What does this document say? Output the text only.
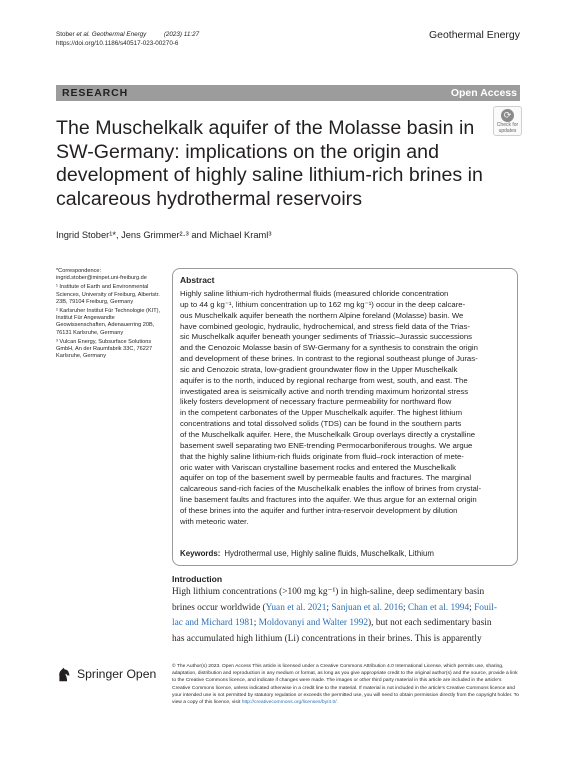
Stober et al. Geothermal Energy	(2023) 11:27
https://doi.org/10.1186/s40517-023-00270-6
Geothermal Energy
RESEARCH	Open Access
⟳
Check for
updates
The Muschelkalk aquifer of the Molasse basin in SW-Germany: implications on the origin and development of highly saline lithium-rich brines in calcareous hydrothermal reservoirs
Ingrid Stober¹*, Jens Grimmer²·³ and Michael Kraml³

*Correspondence: ingrid.stober@minpet.uni-freiburg.de

¹ Institute of Earth and Environmental Sciences, University of Freiburg, Albertstr. 23B, 79104 Freiburg, Germany

² Karlsruher Institut Für Technologie (KIT), Institut Für Angewandte Geowissenschaften, Adenauerring 20B, 76131 Karlsruhe, Germany

³ Vulcan Energy, Subsurface Solutions GmbH, An der Raumfabrik 33C, 76227 Karlsruhe, Germany

Abstract
Highly saline lithium-rich hydrothermal fluids (measured chloride concentration
up to 44 g kg⁻¹, lithium concentration up to 162 mg kg⁻¹) occur in the deep calcare-
ous Muschelkalk aquifer beneath the northern Alpine foreland (Molasse) basin. We
have combined geologic, hydraulic, hydrochemical, and stress field data of the Trias-
sic Muschelkalk aquifer beneath younger sediments of Triassic–Jurassic successions
and the Cenozoic Molasse basin of SW-Germany for a synthesis to constrain the origin
and development of these brines. In contrast to the regional southeast plunge of Juras-
sic and Cenozoic strata, low-gradient groundwater flow in the Upper Muschelkalk
aquifer is to the north, induced by regional recharge from west, south, and east. The
investigated area is seismically active and north trending maximum horizontal stress
likely fosters development of necessary fracture permeability for northward flow
in the competent carbonates of the Upper Muschelkalk aquifer. The highest lithium
concentrations and total dissolved solids (TDS) can be found in the southern parts
of the Muschelkalk aquifer. Here, the Muschelkalk Group overlays directly a crystalline
basement swell separating two ENE-trending Permocarboniferous troughs. We argue
that the highly saline lithium-rich fluids originate from fluid–rock interaction of mete-
oric water with Variscan crystalline basement rocks and entered the Muschelkalk
aquifer on top of the basement swell by permeable faults and fractures. The marginal
calcareous sand-rich facies of the Muschelkalk enables the inflow of brines from crystal-
line basement faults and fractures into the aquifer. We thus argue for an external origin
of these brines into the aquifer and further intra-reservoir development by dilution
with meteoric water.
Keywords: Hydrothermal use, Highly saline fluids, Muschelkalk, Lithium
Introduction
High lithium concentrations (>100 mg kg⁻¹) in high-saline, deep sedimentary basin
brines occur worldwide (Yuan et al. 2021; Sanjuan et al. 2016; Chan et al. 1994; Fouil-
lac and Michard 1981; Moldovanyi and Walter 1992), but not each sedimentary basin
has accumulated high lithium (Li) concentrations in their brines. This is apparently
Springer Open
© The Author(s) 2023. Open Access This article is licensed under a Creative Commons Attribution 4.0 International License, which permits use, sharing, adaptation, distribution and reproduction in any medium or format, as long as you give appropriate credit to the original author(s) and the source, provide a link to the Creative Commons licence, and indicate if changes were made. The images or other third party material in this article are included in the article’s Creative Commons licence, unless indicated otherwise in a credit line to the material. If material is not included in the article’s Creative Commons licence and your intended use is not permitted by statutory regulation or exceeds the permitted use, you will need to obtain permission directly from the copyright holder. To view a copy of this licence, visit http://creativecommons.org/licenses/by/4.0/.
